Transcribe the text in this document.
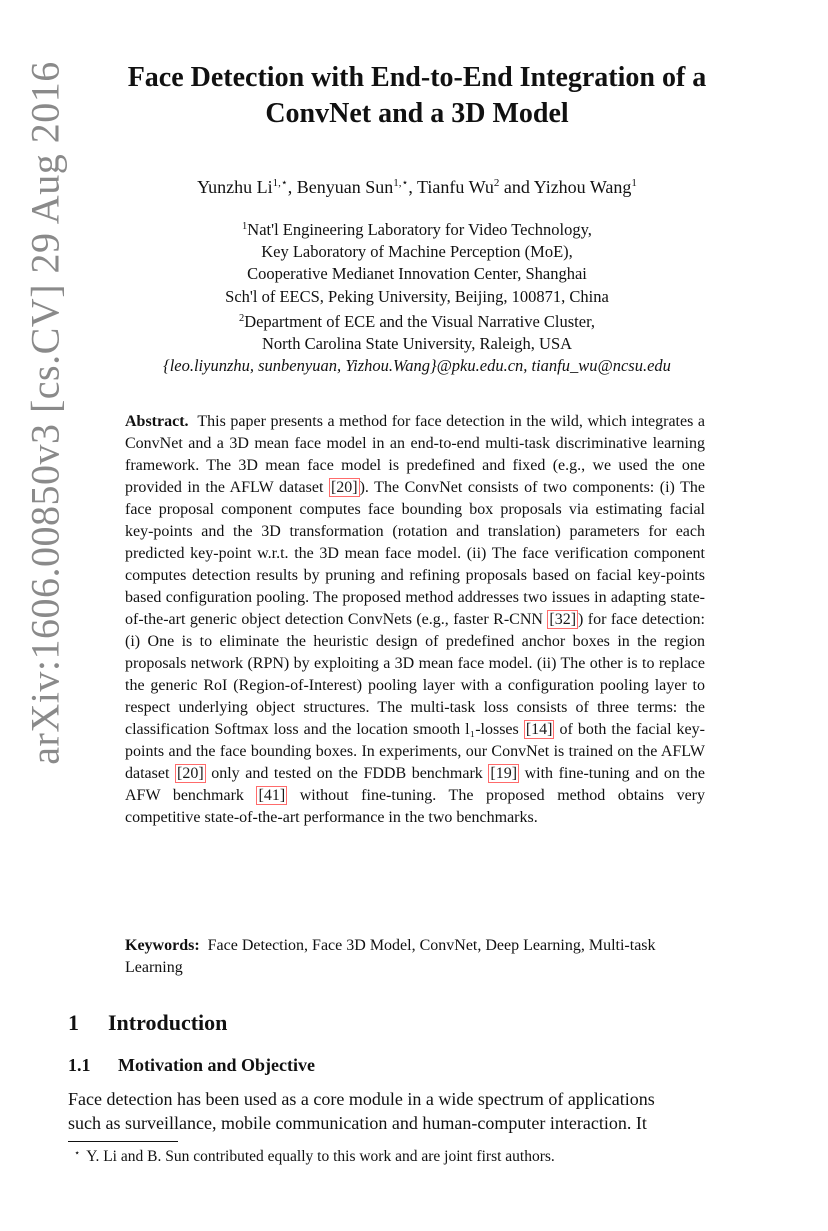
arXiv:1606.00850v3 [cs.CV] 29 Aug 2016	Face Detection with End-to-End Integration of a
ConvNet and a 3D Model
Yunzhu $Li^{1,⋆}$, Benyuan Sun$^{1,⋆}$, Tianfu Wu$^2$ and Yizhou Wang$^1$
$^1$Nat'l Engineering Laboratory for Video Technology,
Key Laboratory of Machine Perception (MoE),
Cooperative Medianet Innovation Center, Shanghai
Sch'l of EECS, Peking University, Beijing, 100871, China
$^2$Department of ECE and the Visual Narrative Cluster,
North Carolina State University, Raleigh, USA
{leo.liyunzhu, sunbenyuan, Yizhou.Wang}@pku.edu.cn, tianfu_wu@ncsu.edu
Abstract. This paper presents a method for face detection in the wild, which integrates a ConvNet and a 3D mean face model in an end-to-end multi-task discriminative learning framework. The 3D mean face model is predefined and fixed (e.g., we used the one provided in the AFLW dataset [20] ). The ConvNet consists of two components: (i) The face proposal component computes face bounding box proposals via estimating facial key-points and the 3D transformation (rotation and translation) parameters for each predicted key-point w.r.t. the 3D mean face model. (ii) The face verification component computes detection results by pruning and refining proposals based on facial key-points based configuration pooling. The proposed method addresses two issues in adapting state-of-the-art generic object detection ConvNets (e.g., faster R-CNN [32] ) for face detection: (i) One is to eliminate the heuristic design of predefined anchor boxes in the region proposals network (RPN) by exploiting a 3D mean face model. (ii) The other is to replace the generic RoI (Region-of-Interest) pooling layer with a configuration pooling layer to respect underlying object structures. The multi-task loss consists of three terms: the classification Softmax loss and the location smooth l₁-losses [14] of both the facial key-points and the face bounding boxes. In experiments, our ConvNet is trained on the AFLW dataset [20] only and tested on the FDDB benchmark [19] with fine-tuning and on the AFW benchmark [41] without fine-tuning. The proposed method obtains very competitive state-of-the-art performance in the two benchmarks.
Keywords: Face Detection, Face 3D Model, ConvNet, Deep Learning, Multi-task Learning
1 Introduction
1.1 Motivation and Objective
Face detection has been used as a core module in a wide spectrum of applications
such as surveillance, mobile communication and human-computer interaction. It
⋆ Y. Li and B. Sun contributed equally to this work and are joint first authors.
